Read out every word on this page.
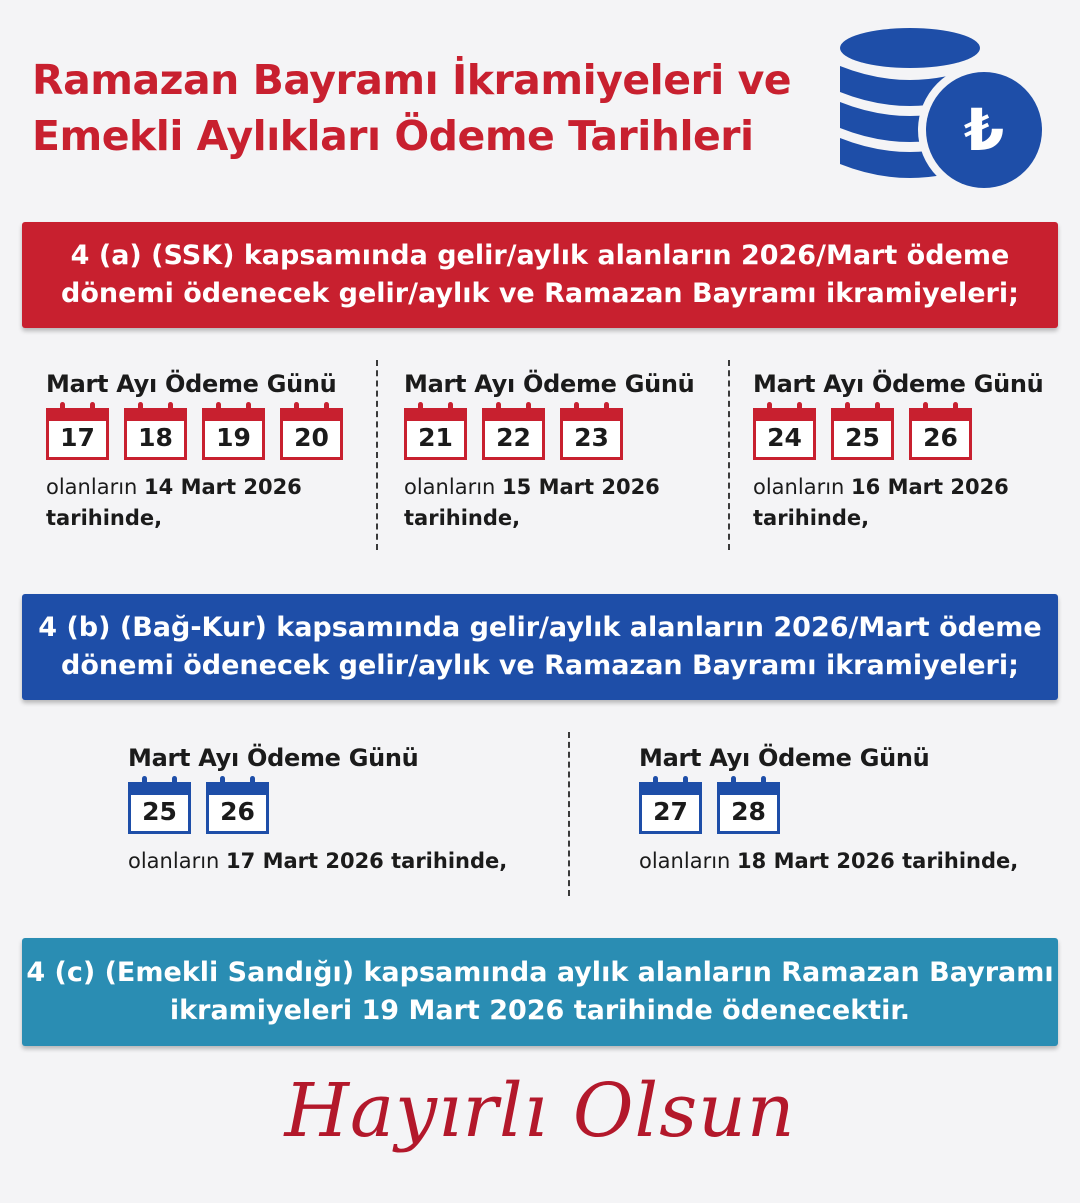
Ramazan Bayramı İkramiyeleri ve
Emekli Aylıkları Ödeme Tarihleri	₺
4 (a) (SSK) kapsamında gelir/aylık alanların 2026/Mart ödeme
dönemi ödenecek gelir/aylık ve Ramazan Bayramı ikramiyeleri;
Mart Ayı Ödeme Günü
17	18	19	20
olanların 14 Mart 2026
tarihinde,
Mart Ayı Ödeme Günü
21	22	23
olanların 15 Mart 2026
tarihinde,
Mart Ayı Ödeme Günü
24	25	26
olanların 16 Mart 2026
tarihinde,
4 (b) (Bağ-Kur) kapsamında gelir/aylık alanların 2026/Mart ödeme
dönemi ödenecek gelir/aylık ve Ramazan Bayramı ikramiyeleri;
Mart Ayı Ödeme Günü
25	26
olanların 17 Mart 2026 tarihinde,
Mart Ayı Ödeme Günü
27	28
olanların 18 Mart 2026 tarihinde,
4 (c) (Emekli Sandığı) kapsamında aylık alanların Ramazan Bayramı
ikramiyeleri 19 Mart 2026 tarihinde ödenecektir.
Hayırlı Olsun
